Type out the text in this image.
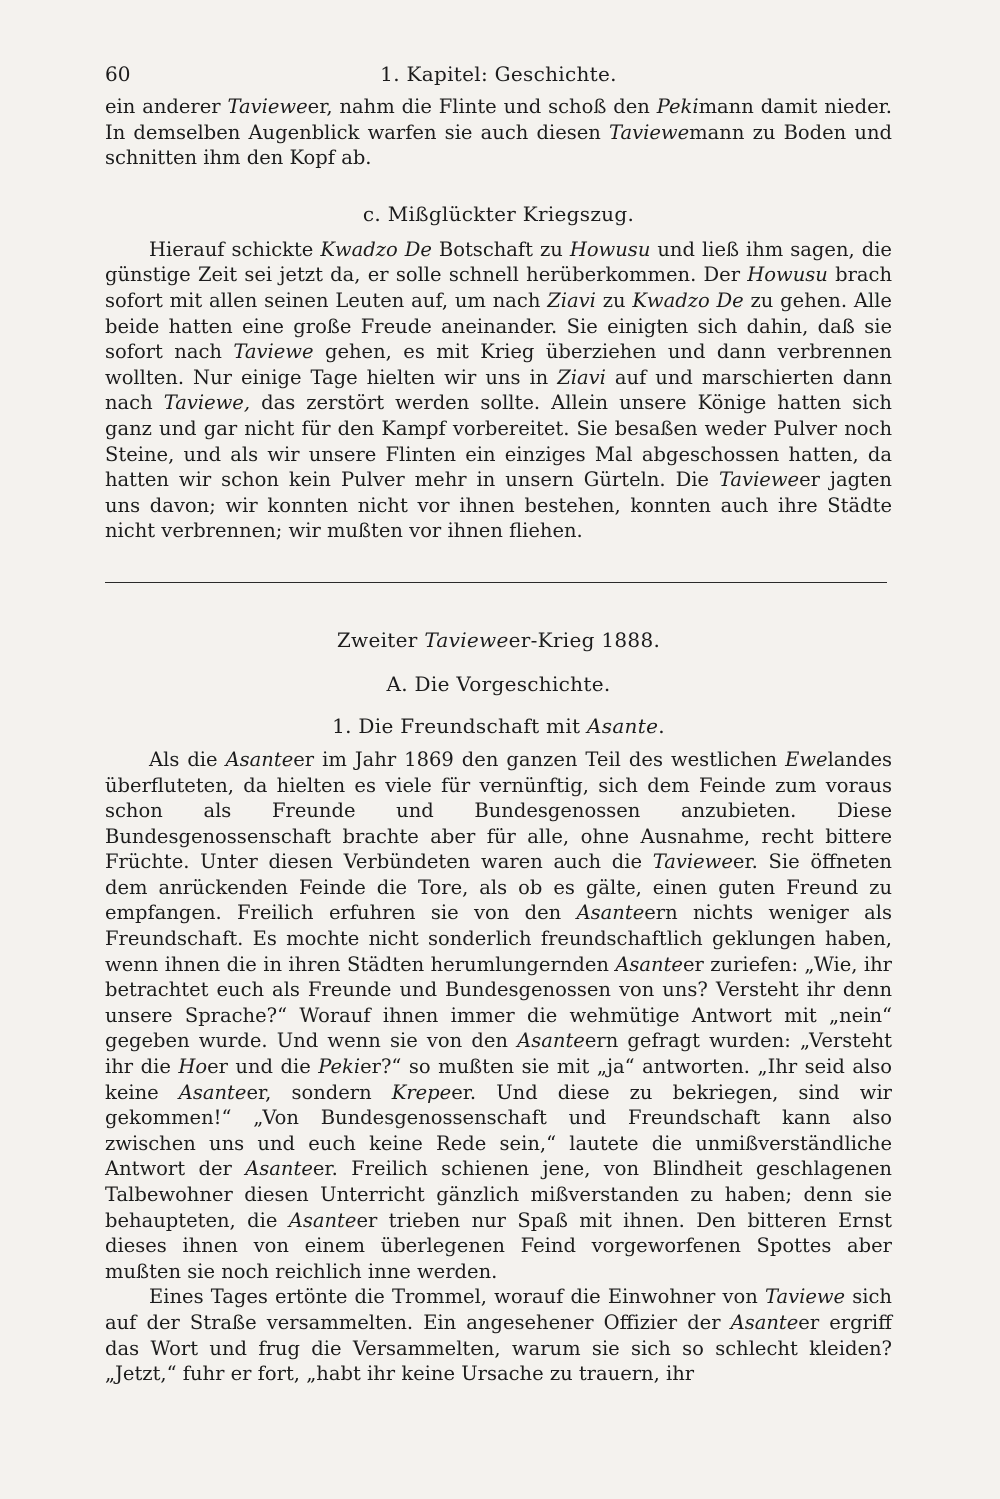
60	1. Kapitel: Geschichte.

ein anderer Tavieweer, nahm die Flinte und schoß den Pekimann damit nieder. In demselben Augenblick warfen sie auch diesen Taviewemann zu Boden und schnitten ihm den Kopf ab.

c. Mißglückter Kriegszug.

Hierauf schickte Kwadzo De Botschaft zu Howusu und ließ ihm sagen, die günstige Zeit sei jetzt da, er solle schnell herüberkommen. Der Howusu brach sofort mit allen seinen Leuten auf, um nach Ziavi zu Kwadzo De zu gehen. Alle beide hatten eine große Freude aneinander. Sie einigten sich dahin, daß sie sofort nach Taviewe gehen, es mit Krieg überziehen und dann verbrennen wollten. Nur einige Tage hielten wir uns in Ziavi auf und marschierten dann nach Taviewe, das zerstört werden sollte. Allein unsere Könige hatten sich ganz und gar nicht für den Kampf vorbereitet. Sie besaßen weder Pulver noch Steine, und als wir unsere Flinten ein einziges Mal abgeschossen hatten, da hatten wir schon kein Pulver mehr in unsern Gürteln. Die Tavieweer jagten uns davon; wir konnten nicht vor ihnen bestehen, konnten auch ihre Städte nicht verbrennen; wir mußten vor ihnen fliehen.

Zweiter Tavieweer-Krieg 1888.
A. Die Vorgeschichte.
1. Die Freundschaft mit Asante.

Als die Asanteer im Jahr 1869 den ganzen Teil des westlichen Ewelandes überfluteten, da hielten es viele für vernünftig, sich dem Feinde zum voraus schon als Freunde und Bundesgenossen anzubieten. Diese Bundesgenossenschaft brachte aber für alle, ohne Ausnahme, recht bittere Früchte. Unter diesen Verbündeten waren auch die Tavieweer. Sie öffneten dem anrückenden Feinde die Tore, als ob es gälte, einen guten Freund zu empfangen. Freilich erfuhren sie von den Asanteern nichts weniger als Freundschaft. Es mochte nicht sonderlich freundschaftlich geklungen haben, wenn ihnen die in ihren Städten herumlungernden Asanteer zuriefen: „Wie, ihr betrachtet euch als Freunde und Bundesgenossen von uns? Versteht ihr denn unsere Sprache?“ Worauf ihnen immer die wehmütige Antwort mit „nein“ gegeben wurde. Und wenn sie von den Asanteern gefragt wurden: „Versteht ihr die Hoer und die Pekier?“ so mußten sie mit „ja“ antworten. „Ihr seid also keine Asanteer, sondern Krepeer. Und diese zu bekriegen, sind wir gekommen!“ „Von Bundesgenossenschaft und Freundschaft kann also zwischen uns und euch keine Rede sein,“ lautete die unmißverständliche Antwort der Asanteer. Freilich schienen jene, von Blindheit geschlagenen Talbewohner diesen Unterricht gänzlich mißverstanden zu haben; denn sie behaupteten, die Asanteer trieben nur Spaß mit ihnen. Den bitteren Ernst dieses ihnen von einem überlegenen Feind vorgeworfenen Spottes aber mußten sie noch reichlich inne werden.

Eines Tages ertönte die Trommel, worauf die Einwohner von Taviewe sich auf der Straße versammelten. Ein angesehener Offizier der Asanteer ergriff das Wort und frug die Versammelten, warum sie sich so schlecht kleiden? „Jetzt,“ fuhr er fort, „habt ihr keine Ursache zu trauern, ihr
